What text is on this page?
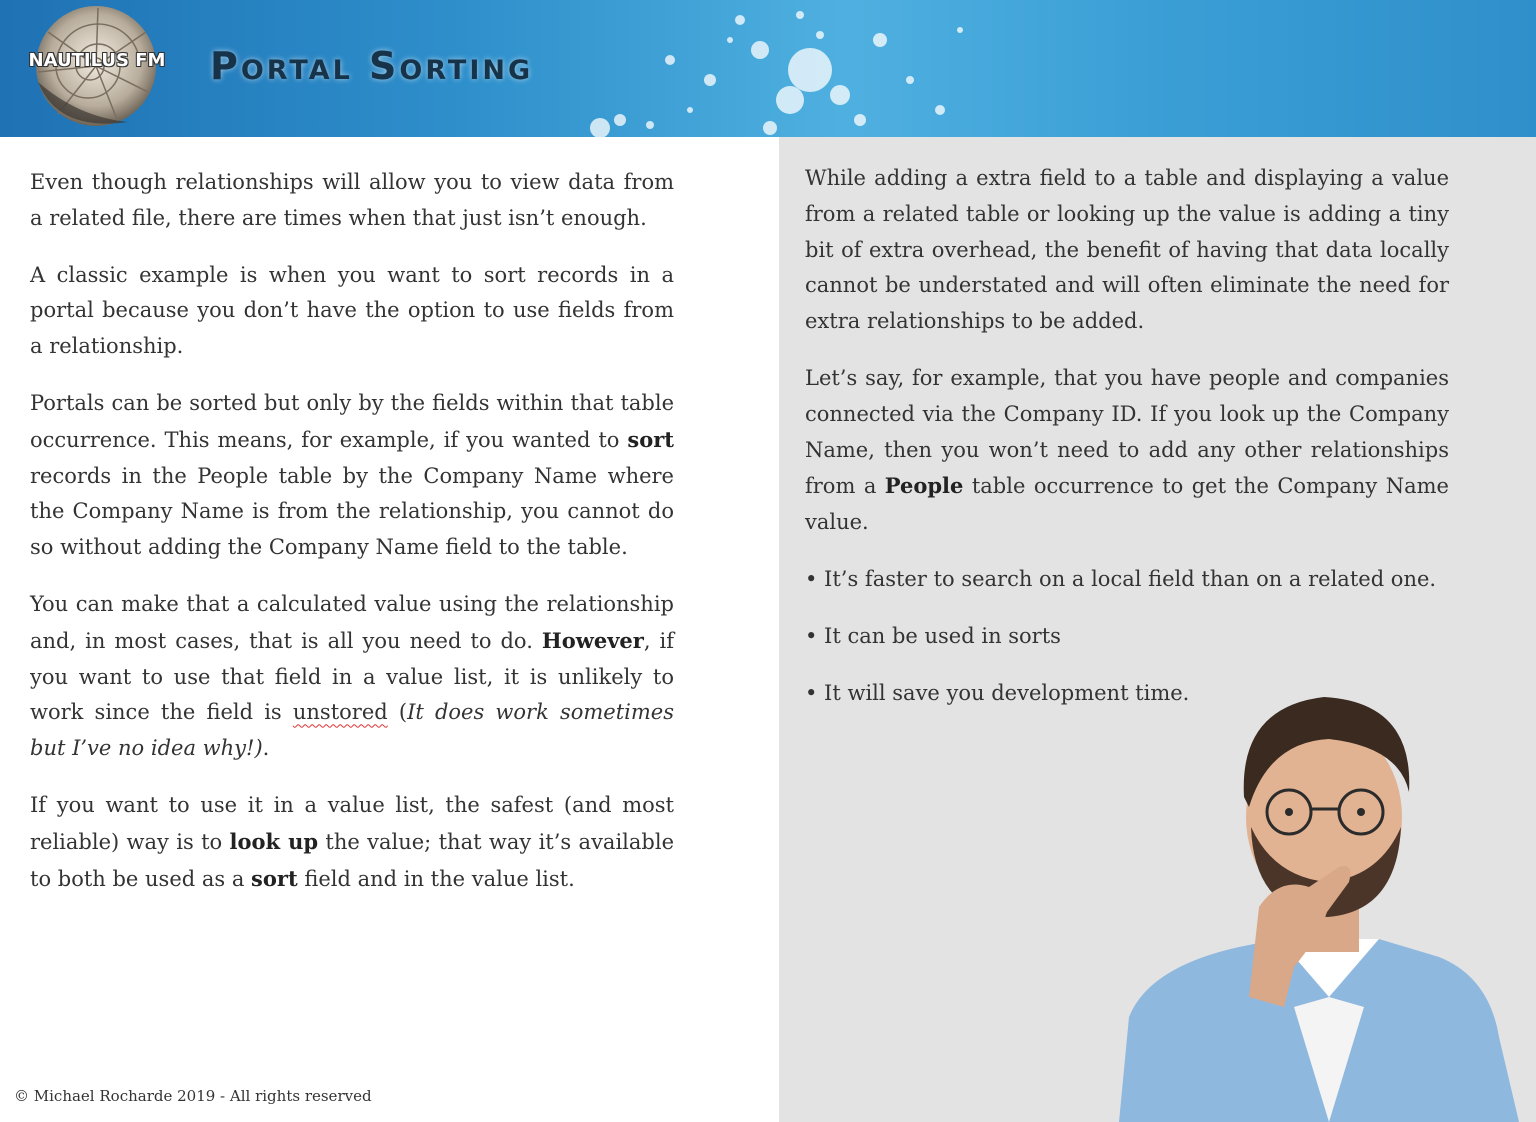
NAUTILUS FM Portal Sorting

Even though relationships will allow you to view data from a related file, there are times when that just isn’t enough.

A classic example is when you want to sort records in a portal because you don’t have the option to use fields from a relationship.

Portals can be sorted but only by the fields within that table occurrence. This means, for example, if you wanted to sort records in the People table by the Company Name where the Company Name is from the relationship, you cannot do so without adding the Company Name field to the table.

You can make that a calculated value using the relationship and, in most cases, that is all you need to do. However, if you want to use that field in a value list, it is unlikely to work since the field is unstored (It does work sometimes but I’ve no idea why!).

If you want to use it in a value list, the safest (and most reliable) way is to look up the value; that way it’s available to both be used as a sort field and in the value list.

While adding a extra field to a table and displaying a value from a related table or looking up the value is adding a tiny bit of extra overhead, the benefit of having that data locally cannot be understated and will often eliminate the need for extra relationships to be added.

Let’s say, for example, that you have people and companies connected via the Company ID. If you look up the Company Name, then you won’t need to add any other relationships from a People table occurrence to get the Company Name value.

• It’s faster to search on a local field than on a related one.
• It can be used in sorts
• It will save you development time.
© Michael Rocharde 2019 - All rights reserved
